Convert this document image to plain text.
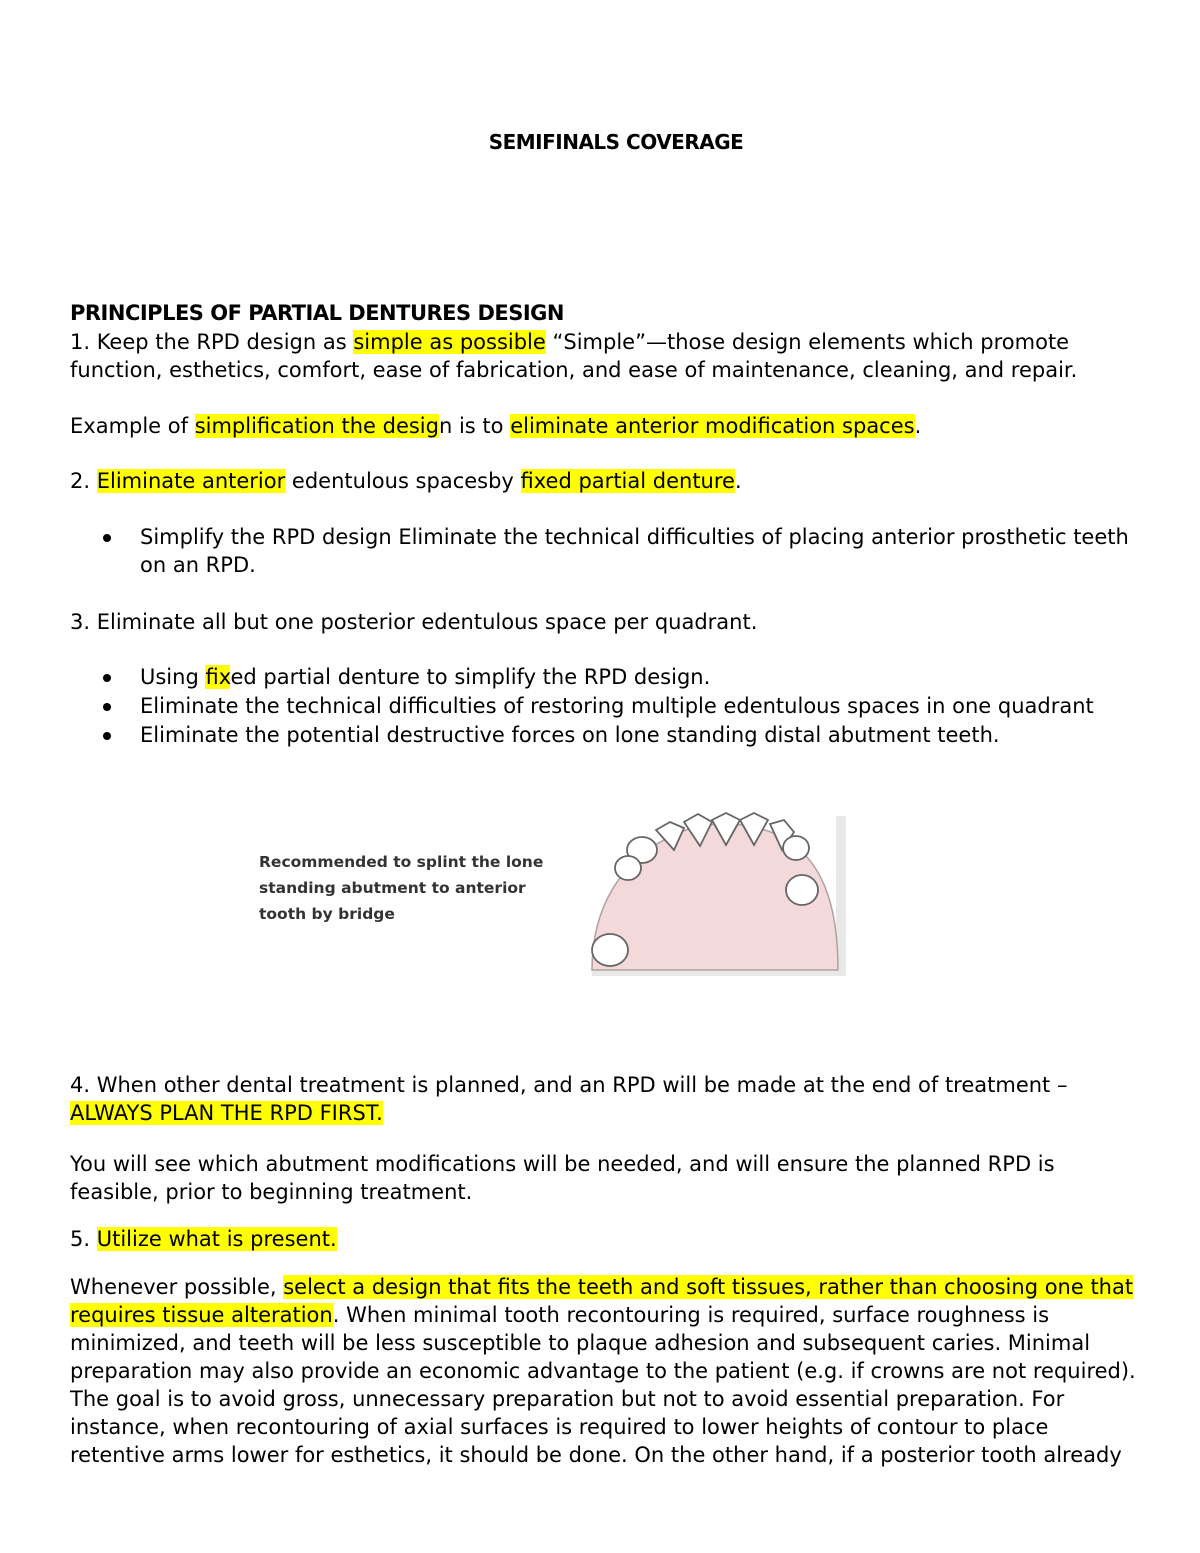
SEMIFINALS COVERAGE
PRINCIPLES OF PARTIAL DENTURES DESIGN
1. Keep the RPD design as simple as possible “Simple”—those design elements which promote
function, esthetics, comfort, ease of fabrication, and ease of maintenance, cleaning, and repair.
Example of simplification the design is to eliminate anterior modification spaces.
2. Eliminate anterior edentulous spacesby fixed partial denture.
Simplify the RPD design Eliminate the technical difficulties of placing anterior prosthetic teeth
on an RPD.
3. Eliminate all but one posterior edentulous space per quadrant.
Using fixed partial denture to simplify the RPD design.
Eliminate the technical difficulties of restoring multiple edentulous spaces in one quadrant
Eliminate the potential destructive forces on lone standing distal abutment teeth.
Recommended to splint the lone
standing abutment to anterior
tooth by bridge
4. When other dental treatment is planned, and an RPD will be made at the end of treatment –
ALWAYS PLAN THE RPD FIRST.
You will see which abutment modifications will be needed, and will ensure the planned RPD is
feasible, prior to beginning treatment.
5. Utilize what is present.
Whenever possible, select a design that fits the teeth and soft tissues, rather than choosing one that
requires tissue alteration. When minimal tooth recontouring is required, surface roughness is
minimized, and teeth will be less susceptible to plaque adhesion and subsequent caries. Minimal
preparation may also provide an economic advantage to the patient (e.g. if crowns are not required).
The goal is to avoid gross, unnecessary preparation but not to avoid essential preparation. For
instance, when recontouring of axial surfaces is required to lower heights of contour to place
retentive arms lower for esthetics, it should be done. On the other hand, if a posterior tooth already
